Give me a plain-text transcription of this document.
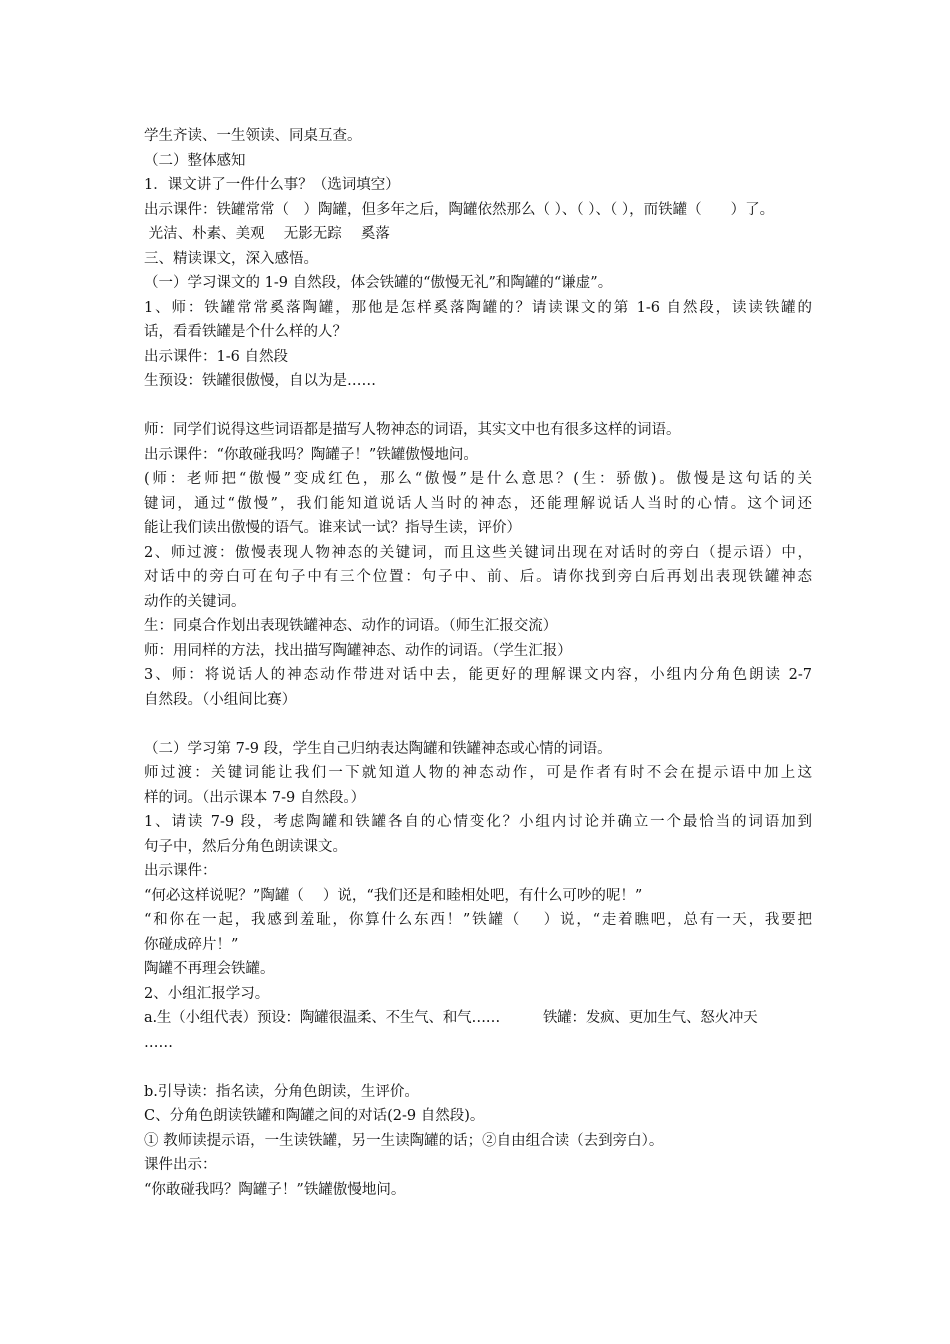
学生齐读、一生领读、同桌互查。

（二）整体感知

1．课文讲了一件什么事？（选词填空）

出示课件：铁罐常常（　）陶罐，但多年之后，陶罐依然那么（ ）、（ ）、（ ），而铁罐（　　）了。

光洁、朴素、美观　 无影无踪　 奚落

三、精读课文，深入感悟。

（一）学习课文的 1-9 自然段，体会铁罐的“傲慢无礼”和陶罐的“谦虚”。

1、师：铁罐常常奚落陶罐，那他是怎样奚落陶罐的？请读课文的第 1-6 自然段，读读铁罐的

话，看看铁罐是个什么样的人？

出示课件：1-6 自然段

生预设：铁罐很傲慢，自以为是……

师：同学们说得这些词语都是描写人物神态的词语，其实文中也有很多这样的词语。

出示课件：“你敢碰我吗？陶罐子！”铁罐傲慢地问。

(师：老师把“傲慢”变成红色，那么“傲慢”是什么意思？(生：骄傲)。傲慢是这句话的关

键词，通过“傲慢”，我们能知道说话人当时的神态，还能理解说话人当时的心情。这个词还

能让我们读出傲慢的语气。谁来试一试？指导生读，评价）

2、师过渡：傲慢表现人物神态的关键词，而且这些关键词出现在对话时的旁白（提示语）中，

对话中的旁白可在句子中有三个位置：句子中、前、后。请你找到旁白后再划出表现铁罐神态

动作的关键词。

生：同桌合作划出表现铁罐神态、动作的词语。（师生汇报交流）

师：用同样的方法，找出描写陶罐神态、动作的词语。（学生汇报）

3、师：将说话人的神态动作带进对话中去，能更好的理解课文内容，小组内分角色朗读 2-7

自然段。（小组间比赛）

（二）学习第 7-9 段，学生自己归纳表达陶罐和铁罐神态或心情的词语。

师过渡：关键词能让我们一下就知道人物的神态动作，可是作者有时不会在提示语中加上这

样的词。（出示课本 7-9 自然段。）

1、请读 7-9 段，考虑陶罐和铁罐各自的心情变化？小组内讨论并确立一个最恰当的词语加到

句子中，然后分角色朗读课文。

出示课件：

“何必这样说呢？”陶罐（　 ）说，“我们还是和睦相处吧，有什么可吵的呢！”

“和你在一起，我感到羞耻，你算什么东西！”铁罐（　 ）说，“走着瞧吧，总有一天，我要把

你碰成碎片！”

陶罐不再理会铁罐。

2、小组汇报学习。

a.生（小组代表）预设：陶罐很温柔、不生气、和气……　　　铁罐：发疯、更加生气、怒火冲天

……

b.引导读：指名读，分角色朗读，生评价。

C、分角色朗读铁罐和陶罐之间的对话(2-9 自然段)。

① 教师读提示语，一生读铁罐，另一生读陶罐的话；②自由组合读（去到旁白）。

课件出示：

“你敢碰我吗？陶罐子！”铁罐傲慢地问。
